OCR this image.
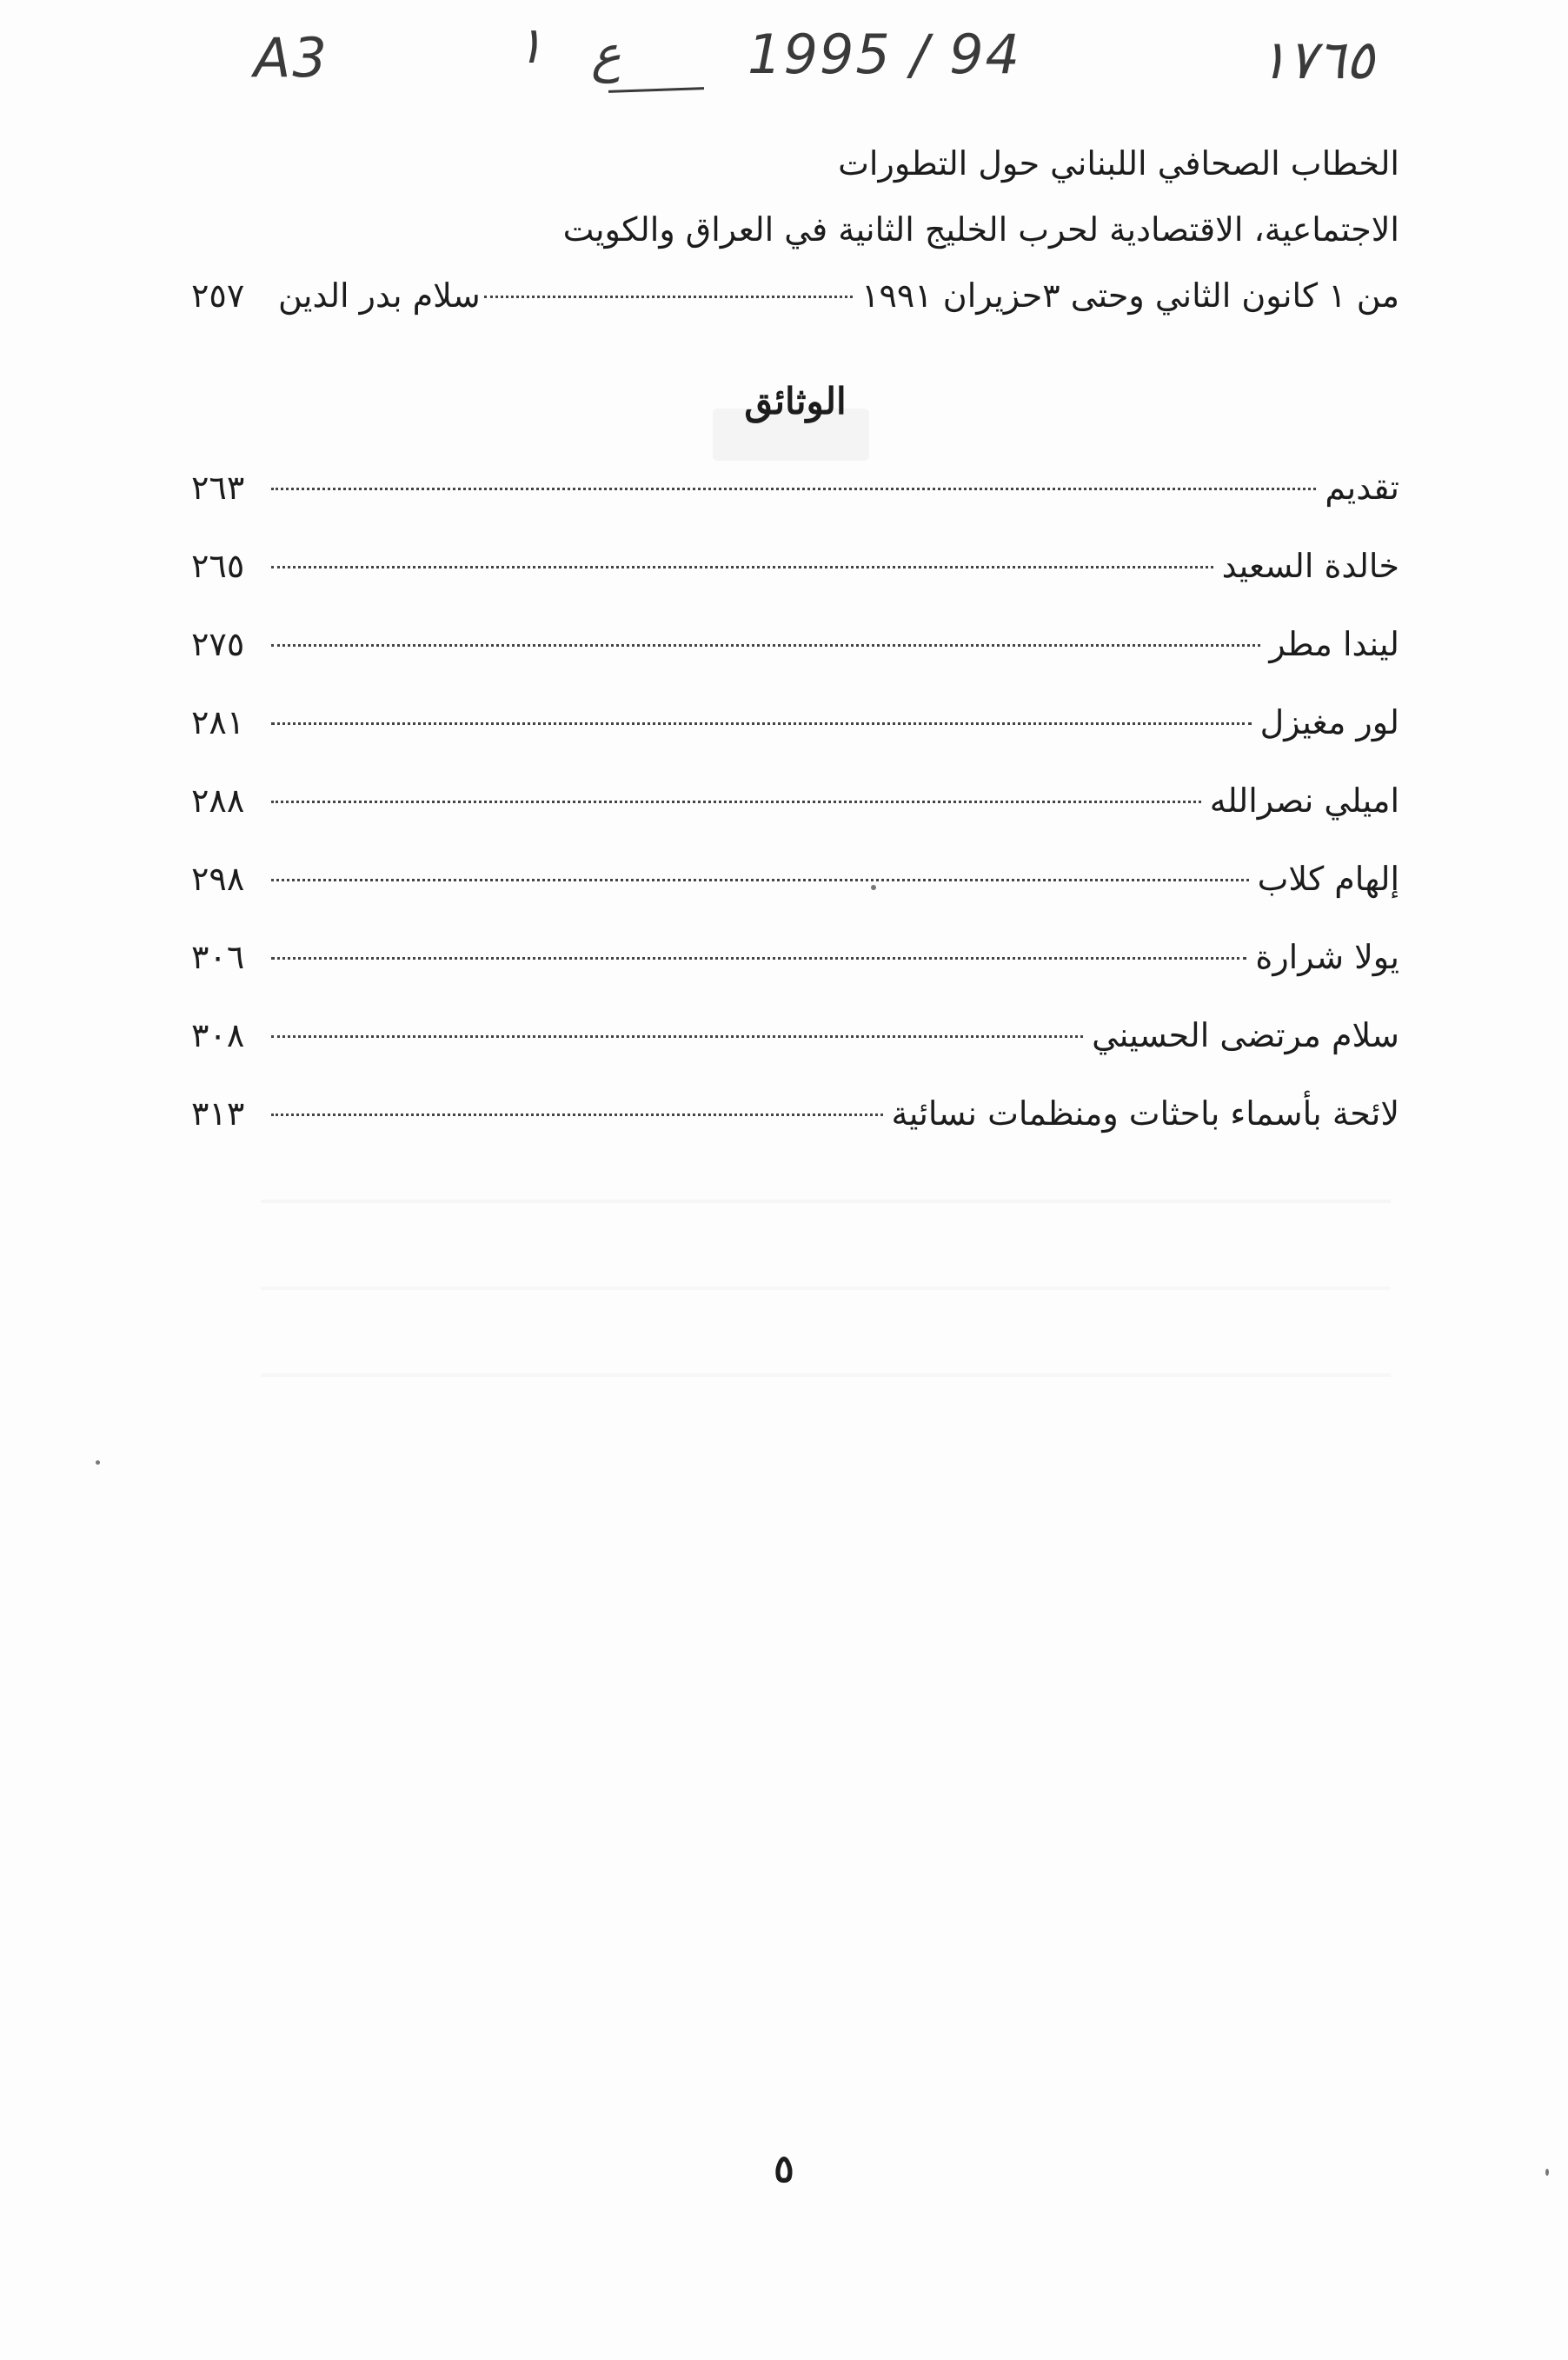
A3	١ ع 1995 / 94	١٧٦٥
الخطاب الصحافي اللبناني حول التطورات
الاجتماعية، الاقتصادية لحرب الخليج الثانية في العراق والكويت
من ١ كانون الثاني وحتى ٣حزيران ١٩٩١
سلام بدر الدين
٢٥٧
الوثائق
تقديم
٢٦٣
خالدة السعيد
٢٦٥
ليندا مطر
٢٧٥
لور مغيزل
٢٨١
اميلي نصرالله
٢٨٨
إلهام كلاب
٢٩٨
يولا شرارة
٣٠٦
سلام مرتضى الحسيني
٣٠٨
لائحة بأسماء باحثات ومنظمات نسائية
٣١٣
٥
